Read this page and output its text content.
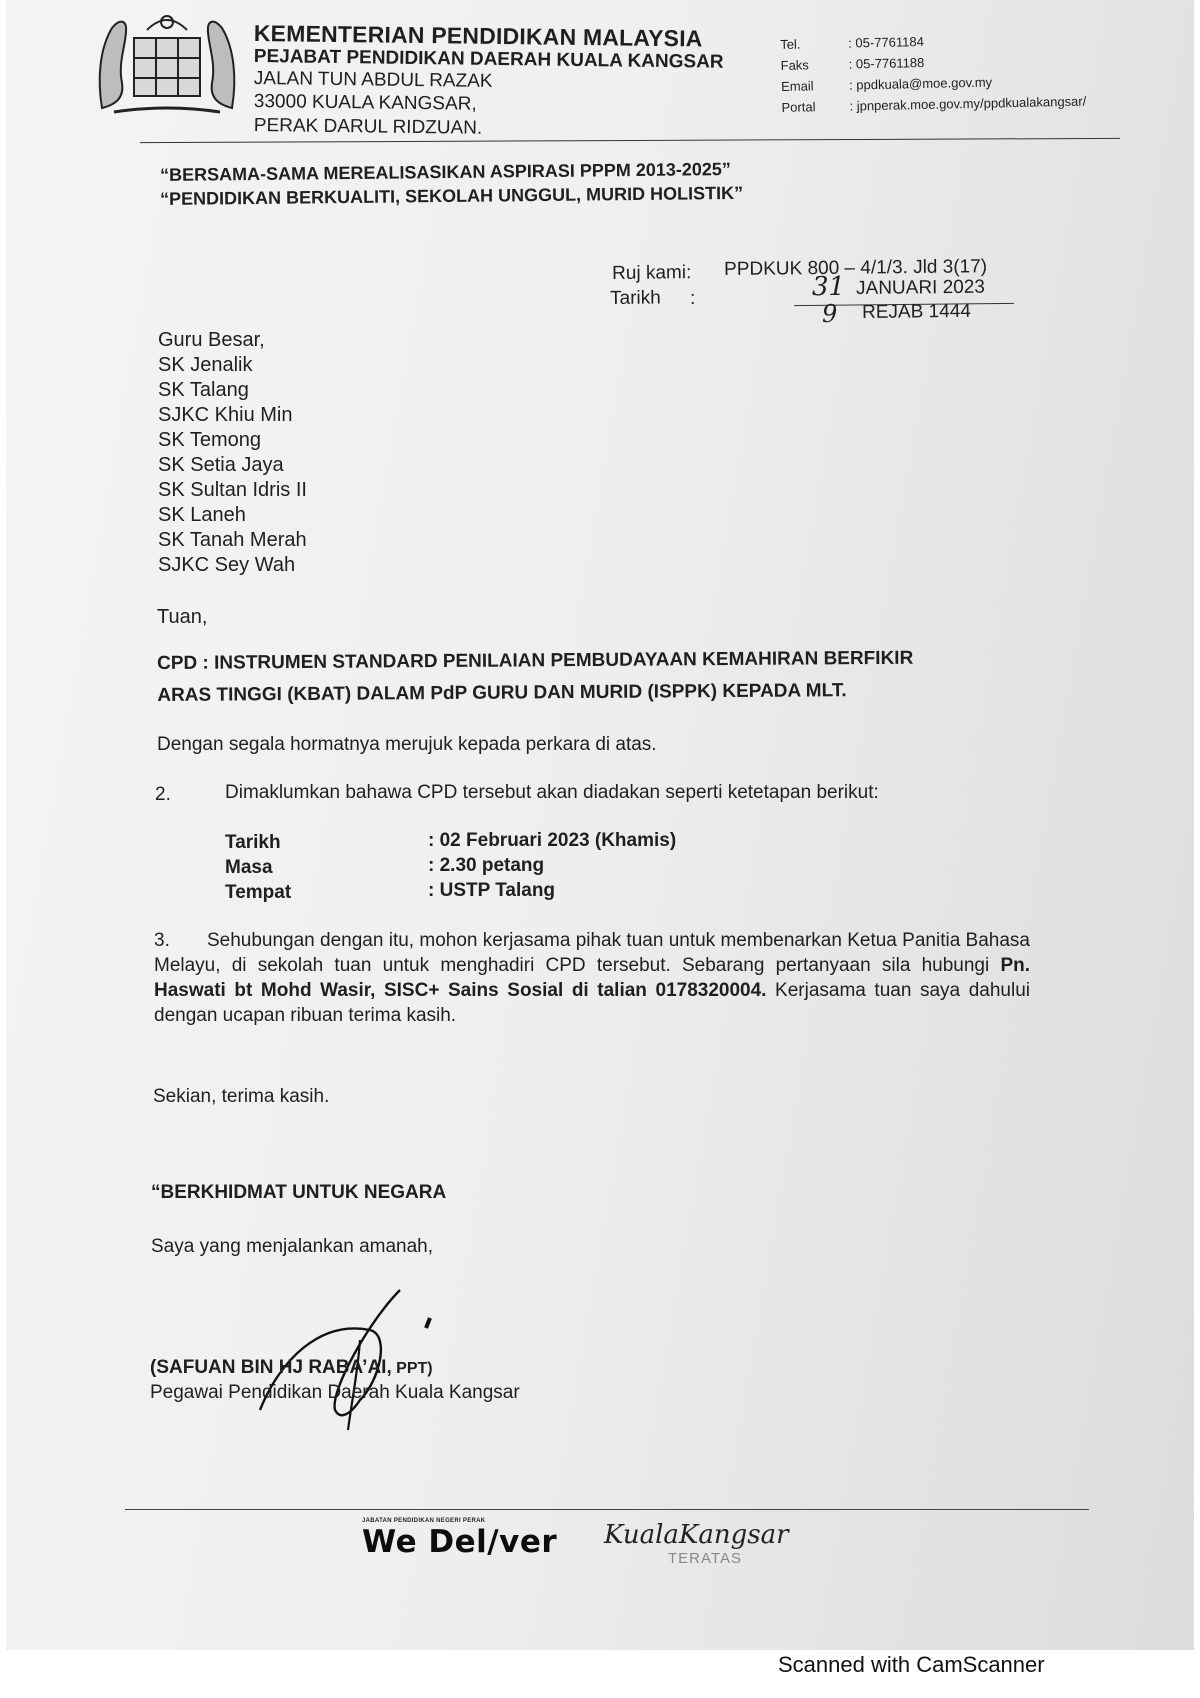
KEMENTERIAN PENDIDIKAN MALAYSIA
PEJABAT PENDIDIKAN DAERAH KUALA KANGSAR
JALAN TUN ABDUL RAZAK
33000 KUALA KANGSAR,
PERAK DARUL RIDZUAN.
Tel.	: 05-7761184
Faks	: 05-7761188
Email	: ppdkuala@moe.gov.my
Portal	: jpnperak.moe.gov.my/ppdkualakangsar/
“BERSAMA-SAMA MEREALISASIKAN ASPIRASI PPPM 2013-2025”
“PENDIDIKAN BERKUALITI, SEKOLAH UNGGUL, MURID HOLISTIK”
Ruj kami: PPDKUK 800 – 4/1/3. Jld 3(17)
Tarikh :	31 JANUARI 2023
9 REJAB 1444
Guru Besar,
SK Jenalik
SK Talang
SJKC Khiu Min
SK Temong
SK Setia Jaya
SK Sultan Idris II
SK Laneh
SK Tanah Merah
SJKC Sey Wah
Tuan,
CPD : INSTRUMEN STANDARD PENILAIAN PEMBUDAYAAN KEMAHIRAN BERFIKIR
ARAS TINGGI (KBAT) DALAM PdP GURU DAN MURID (ISPPK) KEPADA MLT.
Dengan segala hormatnya merujuk kepada perkara di atas.
2.	Dimaklumkan bahawa CPD tersebut akan diadakan seperti ketetapan berikut:
Tarikh	: 02 Februari 2023 (Khamis)
Masa	: 2.30 petang
Tempat	: USTP Talang
3. Sehubungan dengan itu, mohon kerjasama pihak tuan untuk membenarkan Ketua Panitia Bahasa Melayu, di sekolah tuan untuk menghadiri CPD tersebut. Sebarang pertanyaan sila hubungi Pn. Haswati bt Mohd Wasir, SISC+ Sains Sosial di talian 0178320004. Kerjasama tuan saya dahului dengan ucapan ribuan terima kasih.
Sekian, terima kasih.
“BERKHIDMAT UNTUK NEGARA
Saya yang menjalankan amanah,
(SAFUAN BIN HJ RABA’AI, PPT)
Pegawai Pendidikan Daerah Kuala Kangsar
JABATAN PENDIDIKAN NEGERI PERAK
We Del/ver KualaKangsar
TERATAS
Scanned with CamScanner
